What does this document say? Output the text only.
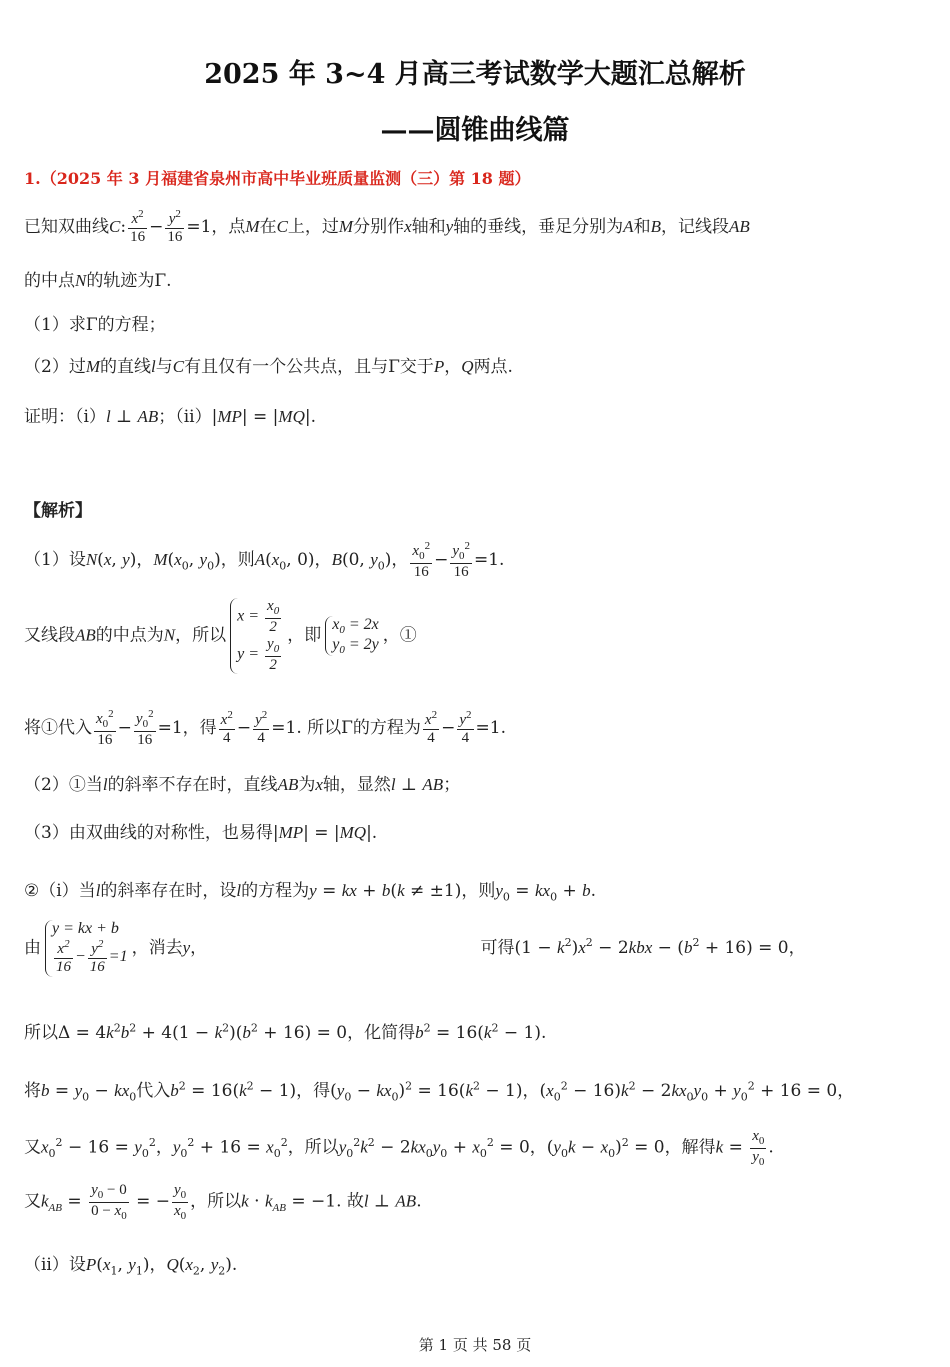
2025 年 3~4 月高三考试数学大题汇总解析
——圆锥曲线篇
1.（2025 年 3 月福建省泉州市高中毕业班质量监测（三）第 18 题）
已知双曲线C: $\frac{x^2}{16} - \frac{y^2}{16} =1$，点M在C上，过M分别作x轴和y轴的垂线，垂足分别为A和B，记线段AB
的中点N的轨迹为Γ.
（1）求Γ的方程；
（2）过M的直线l与C有且仅有一个公共点，且与Γ交于P，Q两点.
证明：（i）l ⊥ AB；（ii）|MP| = |MQ|.
【解析】
（1）设N(x, y)，$M(x_0$, $y_0$)，则$A(x_0$, 0)，B(0, $y_0$)， $\frac{x_0^2}{16} - \frac{y_0^2}{16} =1$.
又线段AB的中点为N，所以
$x = \frac{x_0}{2}$
$y = \frac{y_0}{2}$
，即
$x_0 = 2x$
$y_0 = 2y$ ，①
将①代入 $\frac{x_0^2}{16} - \frac{y_0^2}{16} =1$，得 $\frac{x^2}{4} - \frac{y^2}{4} =1$. 所以Γ的方程为 $\frac{x^2}{4} - \frac{y^2}{4} =1$.
（2）①当l的斜率不存在时，直线AB为x轴，显然l ⊥ AB；
（3）由双曲线的对称性，也易得|MP| = |MQ|.
②（i）当l的斜率存在时，设l的方程为y = kx + b(k ≠ ±1)，则$y_0 = kx_0 + b$.
由
y = kx + b
$\frac{x^2}{16} - \frac{y^2}{16} =1$ ，消去y，	可得$(1 - k^2)x^2 - 2kbx - (b^2 + 16) = 0$，
所以$\Delta = 4k^2b^2 + 4(1 - k^2)(b^2 + 16) = 0$，化简得$b^2 = 16(k^2 - 1)$.
将$b = y_0 - kx_0$代入$b^2 = 16(k^2 - 1)$，得$(y_0 - kx_0)^2 = 16(k^2 - 1)$，$(x_0^2 - 16)k^2 - 2kx_0y_0 + y_0^2 + 16 = 0$，
又$x_0^2 - 16 = y_0^2$，$y_0^2 + 16 = x_0^2$，所以$y_0^2k^2 - 2kx_0y_0 + x_0^2 = 0$，$(y_0k - x_0)^2 = 0$，解得$k = \frac{x_0}{y_0}$ .
又$k_{AB} = \frac{y_0 - 0}{0 - x_0}$ = − $\frac{y_0}{x_0}$ ，所以$k \cdot k_{AB} = -1$. 故l ⊥ AB.
（ii）设$P(x_1$, $y_1$)，$Q(x_2$, $y_2$).
第 1 页 共 58 页
